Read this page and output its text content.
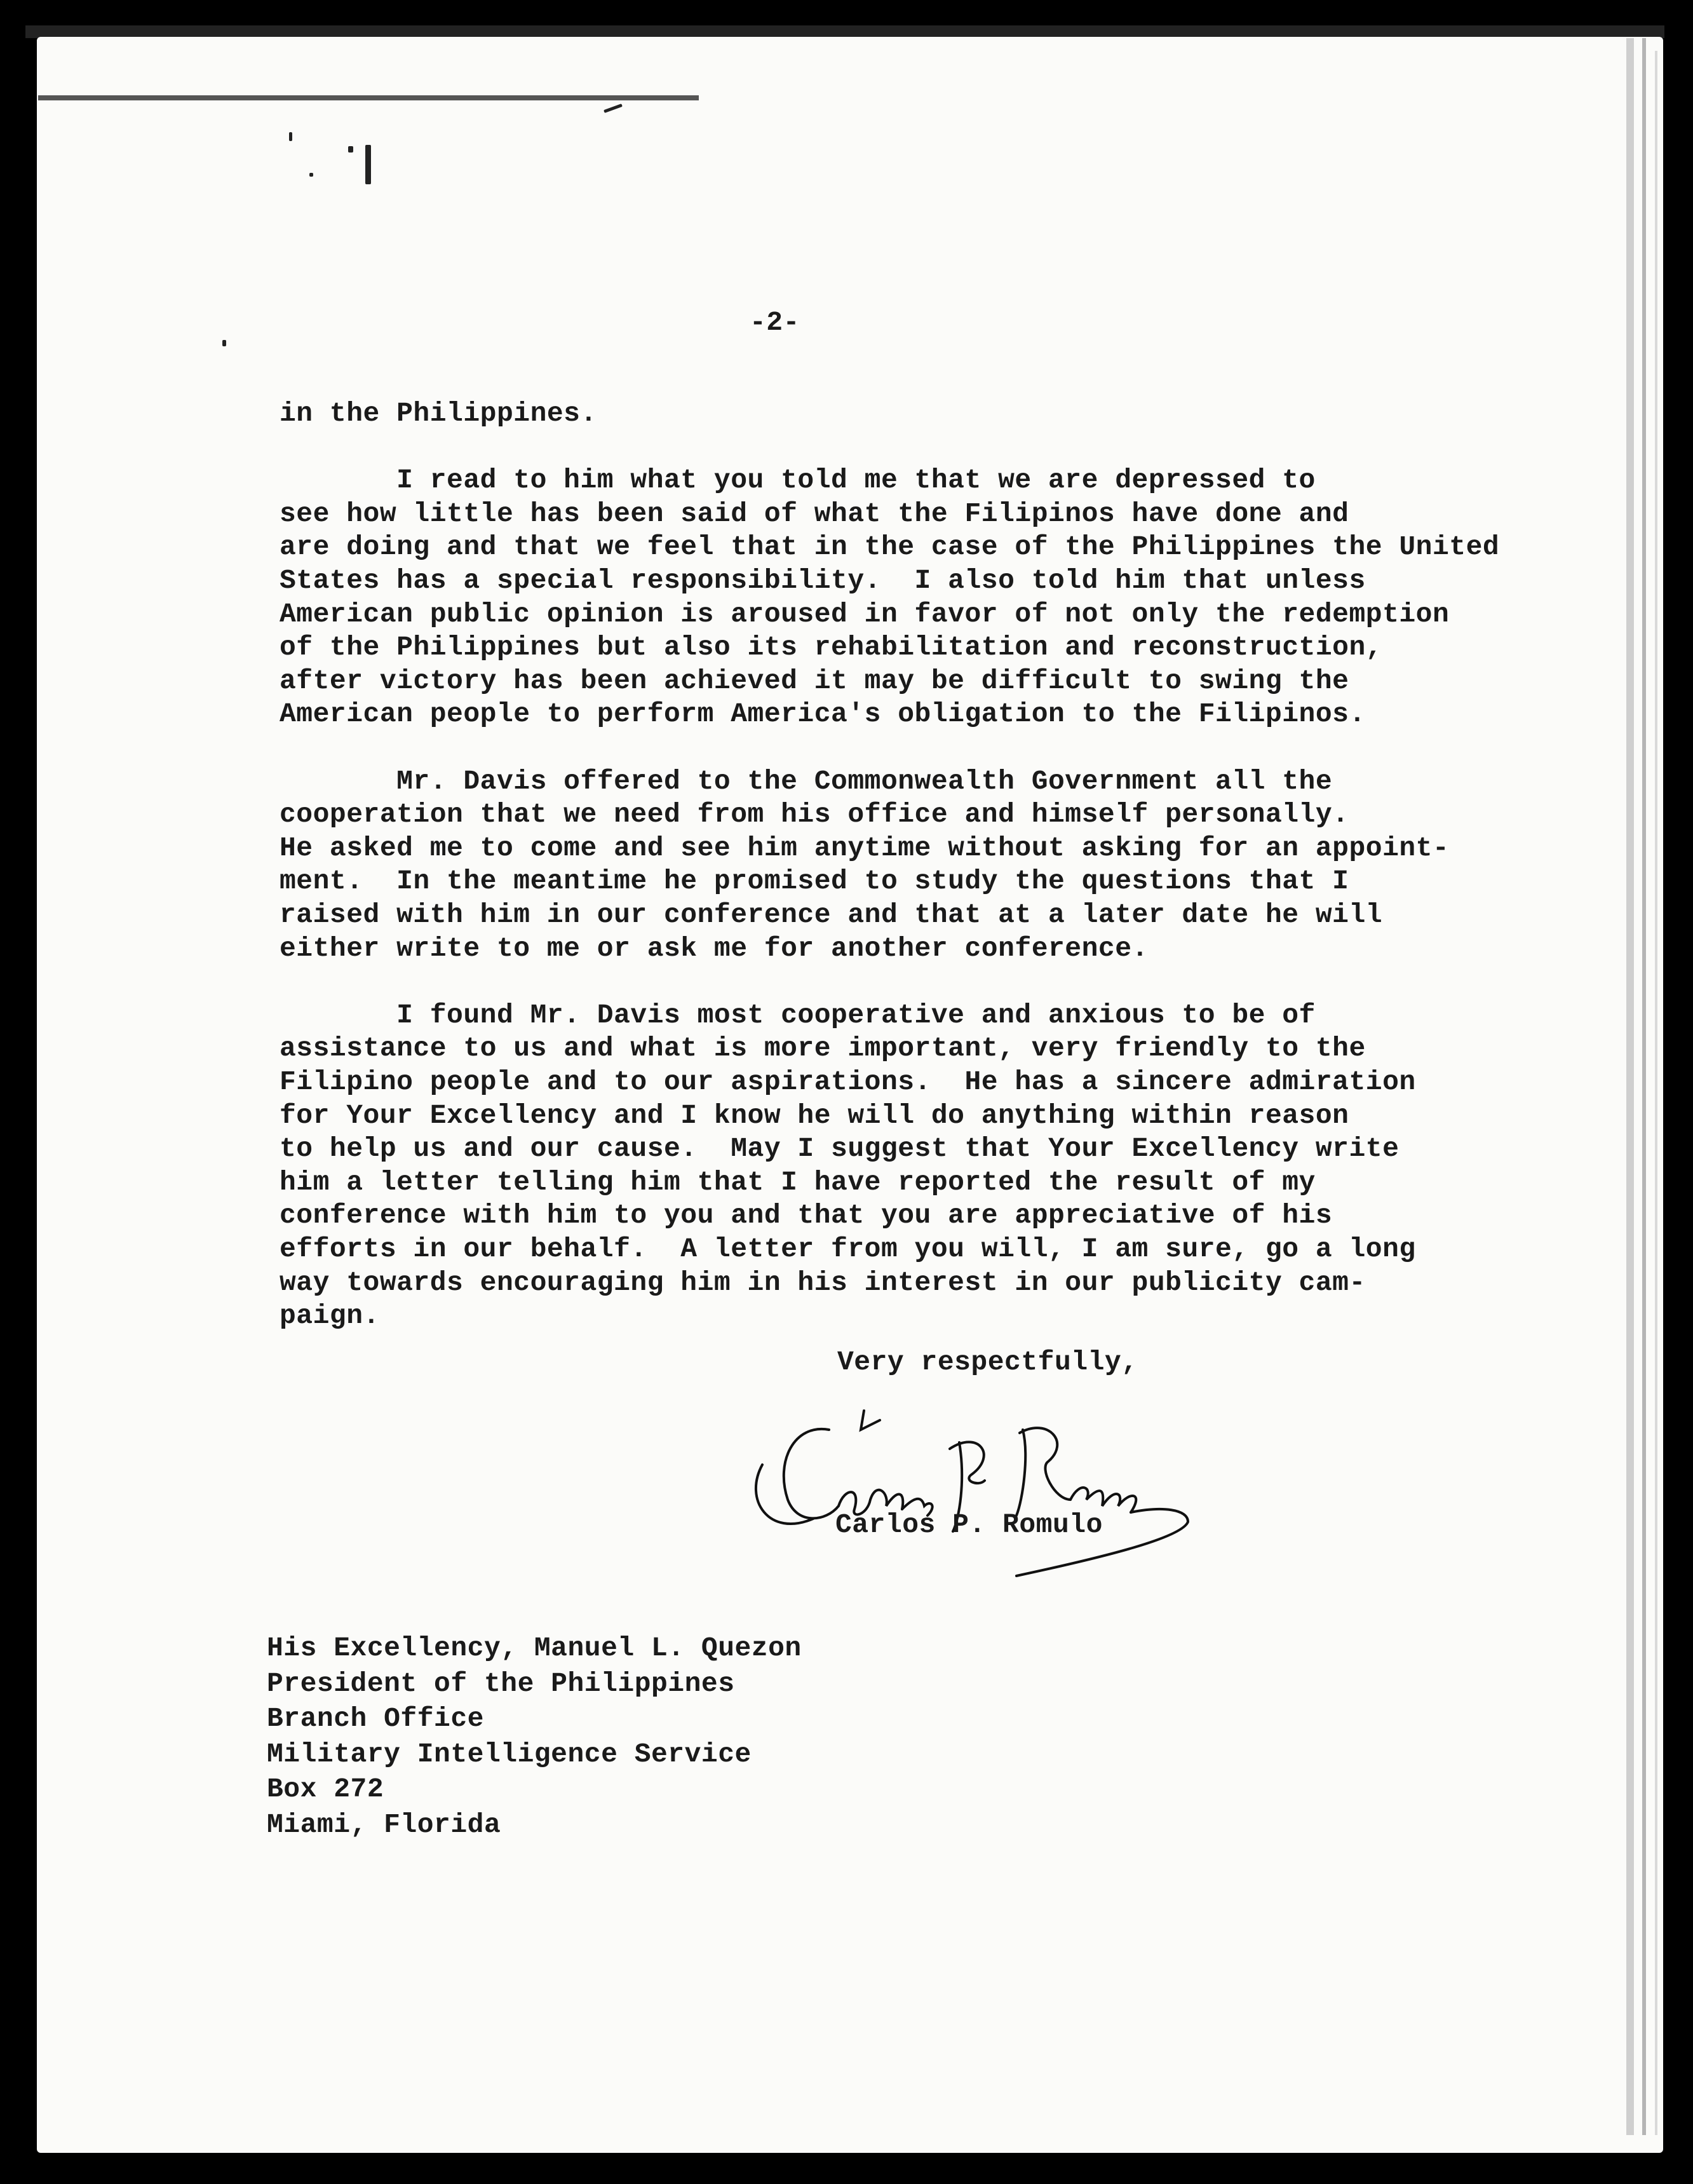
-2-
in the Philippines.
I read to him what you told me that we are depressed to
see how little has been said of what the Filipinos have done and
are doing and that we feel that in the case of the Philippines the United
States has a special responsibility.  I also told him that unless
American public opinion is aroused in favor of not only the redemption
of the Philippines but also its rehabilitation and reconstruction,
after victory has been achieved it may be difficult to swing the
American people to perform America's obligation to the Filipinos.
Mr. Davis offered to the Commonwealth Government all the
cooperation that we need from his office and himself personally.
He asked me to come and see him anytime without asking for an appoint-
ment.  In the meantime he promised to study the questions that I
raised with him in our conference and that at a later date he will
either write to me or ask me for another conference.
I found Mr. Davis most cooperative and anxious to be of
assistance to us and what is more important, very friendly to the
Filipino people and to our aspirations.  He has a sincere admiration
for Your Excellency and I know he will do anything within reason
to help us and our cause.  May I suggest that Your Excellency write
him a letter telling him that I have reported the result of my
conference with him to you and that you are appreciative of his
efforts in our behalf.  A letter from you will, I am sure, go a long
way towards encouraging him in his interest in our publicity cam-
paign.
Very respectfully,
Carlos P. Romulo
Carlos P. Romulo
His Excellency, Manuel L. Quezon
President of the Philippines
Branch Office
Military Intelligence Service
Box 272
Miami, Florida
